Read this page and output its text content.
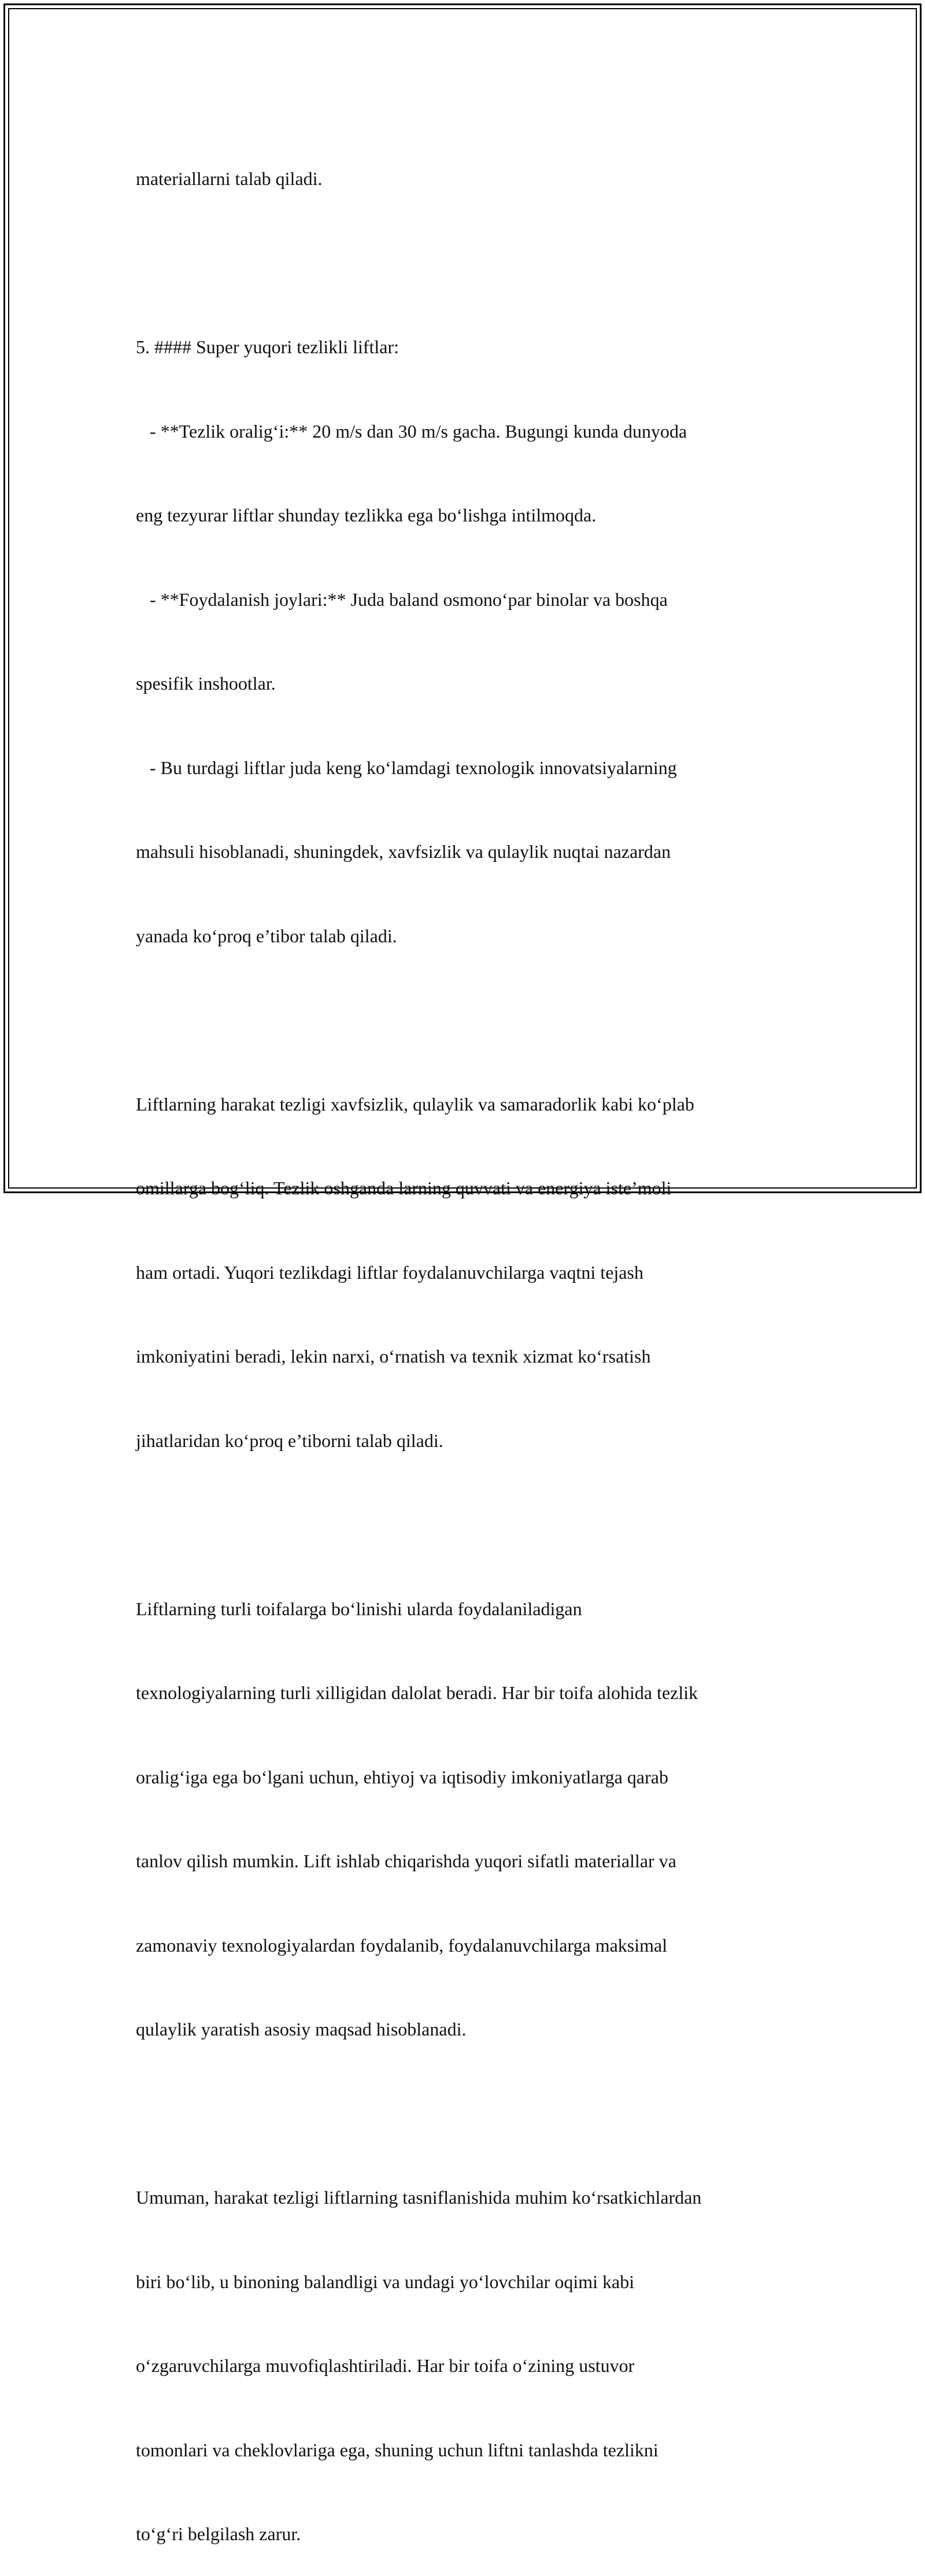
materiallarni talab qiladi.

5. #### Super yuqori tezlikli liftlar:

- **Tezlik oralig‘i:** 20 m/s dan 30 m/s gacha. Bugungi kunda dunyoda

eng tezyurar liftlar shunday tezlikka ega bo‘lishga intilmoqda.

- **Foydalanish joylari:** Juda baland osmono‘par binolar va boshqa

spesifik inshootlar.

- Bu turdagi liftlar juda keng ko‘lamdagi texnologik innovatsiyalarning

mahsuli hisoblanadi, shuningdek, xavfsizlik va qulaylik nuqtai nazardan

yanada ko‘proq e’tibor talab qiladi.

Liftlarning harakat tezligi xavfsizlik, qulaylik va samaradorlik kabi ko‘plab

omillarga bog‘liq. Tezlik oshganda larning quvvati va energiya iste’moli

ham ortadi. Yuqori tezlikdagi liftlar foydalanuvchilarga vaqtni tejash

imkoniyatini beradi, lekin narxi, o‘rnatish va texnik xizmat ko‘rsatish

jihatlaridan ko‘proq e’tiborni talab qiladi.

Liftlarning turli toifalarga bo‘linishi ularda foydalaniladigan

texnologiyalarning turli xilligidan dalolat beradi. Har bir toifa alohida tezlik

oralig‘iga ega bo‘lgani uchun, ehtiyoj va iqtisodiy imkoniyatlarga qarab

tanlov qilish mumkin. Lift ishlab chiqarishda yuqori sifatli materiallar va

zamonaviy texnologiyalardan foydalanib, foydalanuvchilarga maksimal

qulaylik yaratish asosiy maqsad hisoblanadi.

Umuman, harakat tezligi liftlarning tasniflanishida muhim ko‘rsatkichlardan

biri bo‘lib, u binoning balandligi va undagi yo‘lovchilar oqimi kabi

o‘zgaruvchilarga muvofiqlashtiriladi. Har bir toifa o‘zining ustuvor

tomonlari va cheklovlariga ega, shuning uchun liftni tanlashda tezlikni

to‘g‘ri belgilash zarur.
